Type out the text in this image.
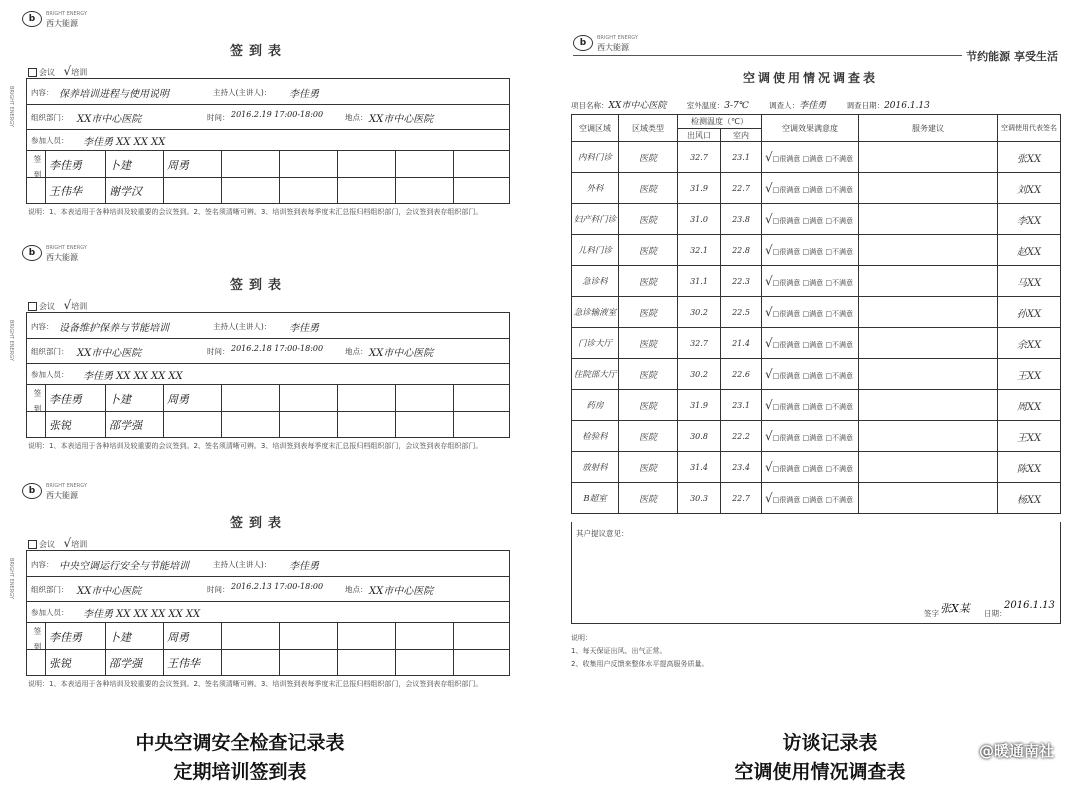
b	BRIGHT ENERGY
西大能源
签到表
会议 √培训
内容： 保养培训进程与使用说明	主持人(主讲人)： 李佳勇
组织部门： XX市中心医院	时间： 2016.2.19 17:00-18:00	地点： XX市中心医院
参加人员： 李佳勇 XX XX XX
签到 李佳勇 卜建	周勇
王伟华 谢学汉
说明：1、本表适用于各种培训及较重要的会议签到。2、签名须清晰可辨。3、培训签到表每季度末汇总报归档组织部门，会议签到表存组织部门。
BRIGHT ENERGY
b	BRIGHT ENERGY
西大能源
签到表
会议 √培训
内容： 设备维护保养与节能培训	主持人(主讲人)： 李佳勇
组织部门： XX市中心医院	时间： 2016.2.18 17:00-18:00	地点： XX市中心医院
参加人员： 李佳勇 XX XX XX XX
签到 李佳勇 卜建	周勇
张锐	邵学强
说明：1、本表适用于各种培训及较重要的会议签到。2、签名须清晰可辨。3、培训签到表每季度末汇总报归档组织部门，会议签到表存组织部门。
BRIGHT ENERGY
b	BRIGHT ENERGY
西大能源
签到表
会议 √培训
内容： 中央空调运行安全与节能培训	主持人(主讲人)： 李佳勇
组织部门： XX市中心医院	时间： 2016.2.13 17:00-18:00	地点： XX市中心医院
参加人员： 李佳勇 XX XX XX XX XX
签到 李佳勇 卜建	周勇
张锐	邵学强 王伟华
说明：1、本表适用于各种培训及较重要的会议签到。2、签名须清晰可辨。3、培训签到表每季度末汇总报归档组织部门，会议签到表存组织部门。
BRIGHT ENERGY
中央空调安全检查记录表
定期培训签到表
b	BRIGHT ENERGY
西大能源
节约能源 享受生活
空调使用情况调查表
项目名称：XX市中心医院	室外温度：3-7℃	调查人：李佳勇	调查日期：2016.1.13
空调区域	区域类型	检测温度（℃）		空调效果满意度	服务建议	空调使用代表签名
		出风口	室内			
内科门诊	医院	32.7	23.1	√□很满意 □满意 □不满意		张XX
外科	医院	31.9	22.7	√□很满意 □满意 □不满意		刘XX
妇产科门诊	医院	31.0	23.8	√□很满意 □满意 □不满意		李XX
儿科门诊	医院	32.1	22.8	√□很满意 □满意 □不满意		赵XX
急诊科	医院	31.1	22.3	√□很满意 □满意 □不满意		马XX
急诊输液室	医院	30.2	22.5	√□很满意 □满意 □不满意		孙XX
门诊大厅	医院	32.7	21.4	√□很满意 □满意 □不满意		余XX
住院部大厅	医院	30.2	22.6	√□很满意 □满意 □不满意		王XX
药房	医院	31.9	23.1	√□很满意 □满意 □不满意		周XX
检验科	医院	30.8	22.2	√□很满意 □满意 □不满意		王XX
放射科	医院	31.4	23.4	√□很满意 □满意 □不满意		陈XX
B超室	医院	30.3	22.7	√□很满意 □满意 □不满意		杨XX
其户提议意见：
签字 张X某 日期：
2016.1.13
说明：
1、每天保证出风、出气正常。
2、收集用户反馈来整体水平提高服务质量。
访谈记录表
空调使用情况调查表
@暖通南社
